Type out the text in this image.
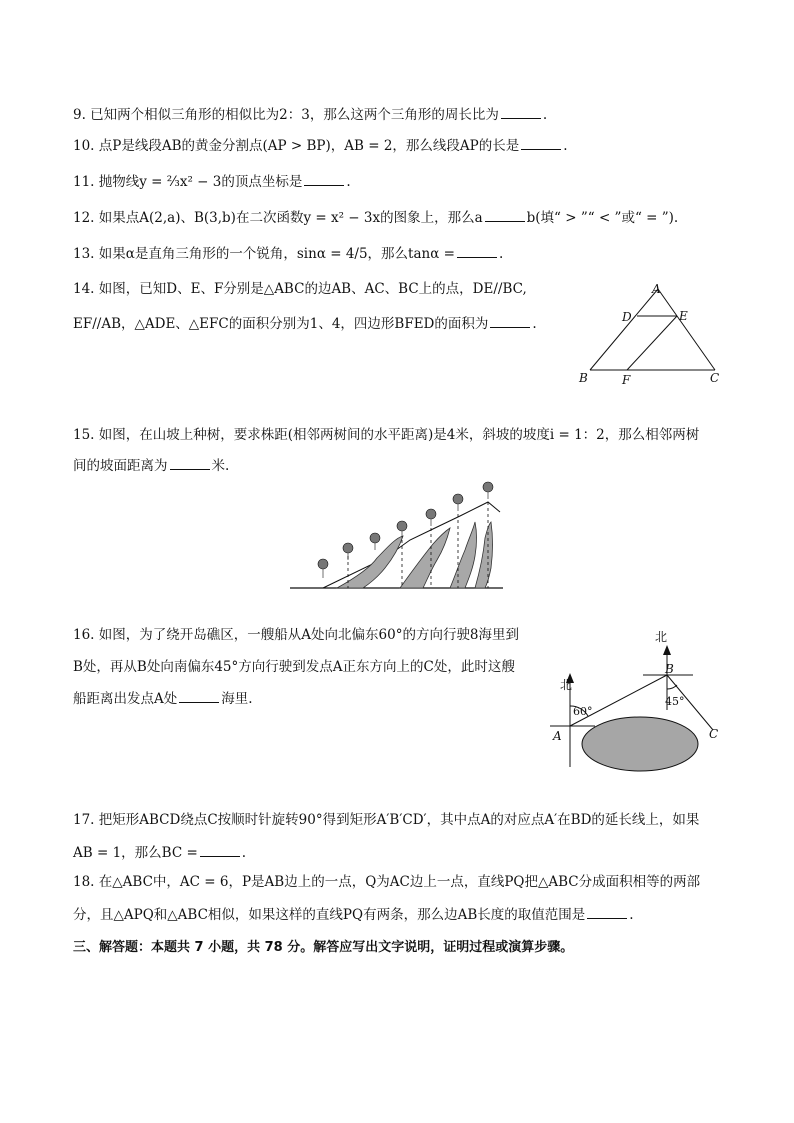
9. 已知两个相似三角形的相似比为2：3，那么这两个三角形的周长比为	.
10. 点P是线段AB的黄金分割点(AP > BP)，AB = 2，那么线段AP的长是	.
11. 抛物线y = ⅔x² − 3的顶点坐标是	.
12. 如果点A(2,a)、B(3,b)在二次函数y = x² − 3x的图象上，那么a	b(填“ > ”“ < ”或“ = ”).
13. 如果α是直角三角形的一个锐角，sinα = 4/5，那么tanα =	.
14. 如图，已知D、E、F分别是△ABC的边AB、AC、BC上的点，DE//BC,
EF//AB，△ADE、△EFC的面积分别为1、4，四边形BFED的面积为	.
A
B	C
D	E
F
15. 如图，在山坡上种树，要求株距(相邻两树间的水平距离)是4米，斜坡的坡度i = 1：2，那么相邻两树
间的坡面距离为	米.
16. 如图，为了绕开岛礁区，一艘船从A处向北偏东60°的方向行驶8海里到
B处，再从B处向南偏东45°方向行驶到发点A正东方向上的C处，此时这艘
船距离出发点A处	海里.
北
北
A
B
C
60°
45°
17. 把矩形ABCD绕点C按顺时针旋转90°得到矩形A′B′CD′，其中点A的对应点A′在BD的延长线上，如果
AB = 1，那么BC =	.
18. 在△ABC中，AC = 6，P是AB边上的一点，Q为AC边上一点，直线PQ把△ABC分成面积相等的两部
分，且△APQ和△ABC相似，如果这样的直线PQ有两条，那么边AB长度的取值范围是	.
三、解答题：本题共 7 小题，共 78 分。解答应写出文字说明，证明过程或演算步骤。
